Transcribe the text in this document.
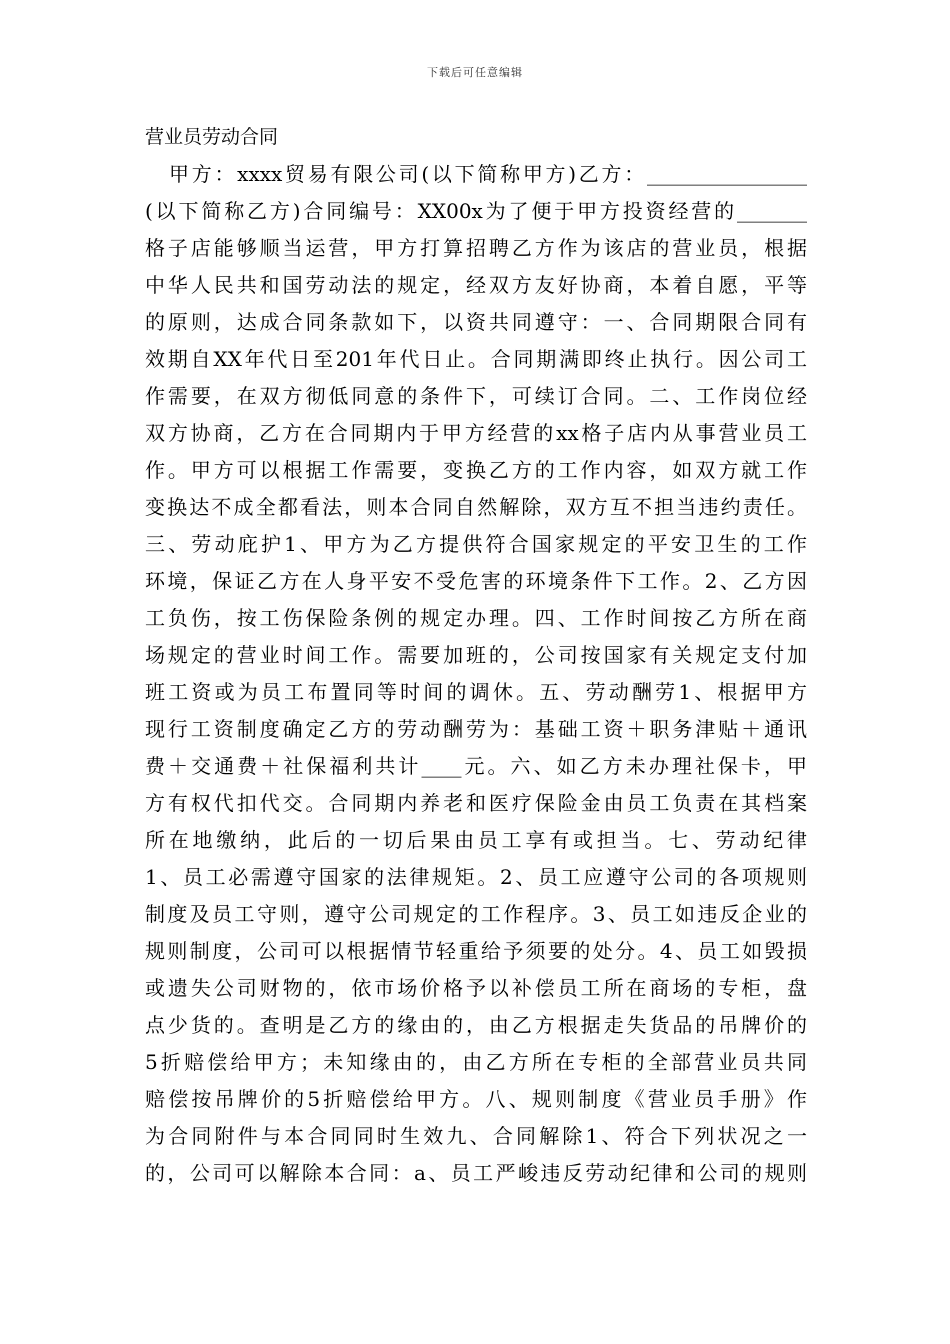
下载后可任意编辑
营业员劳动合同
甲方：xxxx贸易有限公司(以下简称甲方)乙方：________________
(以下简称乙方)合同编号：XX00x为了便于甲方投资经营的_______
格子店能够顺当运营，甲方打算招聘乙方作为该店的营业员，根据
中华人民共和国劳动法的规定，经双方友好协商，本着自愿，平等
的原则，达成合同条款如下，以资共同遵守：一、合同期限合同有
效期自XX年代日至201年代日止。合同期满即终止执行。因公司工
作需要，在双方彻低同意的条件下，可续订合同。二、工作岗位经
双方协商，乙方在合同期内于甲方经营的xx格子店内从事营业员工
作。甲方可以根据工作需要，变换乙方的工作内容，如双方就工作
变换达不成全都看法，则本合同自然解除，双方互不担当违约责任。
三、劳动庇护1、甲方为乙方提供符合国家规定的平安卫生的工作
环境，保证乙方在人身平安不受危害的环境条件下工作。2、乙方因
工负伤，按工伤保险条例的规定办理。四、工作时间按乙方所在商
场规定的营业时间工作。需要加班的，公司按国家有关规定支付加
班工资或为员工布置同等时间的调休。五、劳动酬劳1、根据甲方
现行工资制度确定乙方的劳动酬劳为：基础工资＋职务津贴＋通讯
费＋交通费＋社保福利共计____元。六、如乙方未办理社保卡，甲
方有权代扣代交。合同期内养老和医疗保险金由员工负责在其档案
所在地缴纳，此后的一切后果由员工享有或担当。七、劳动纪律
1、员工必需遵守国家的法律规矩。2、员工应遵守公司的各项规则
制度及员工守则，遵守公司规定的工作程序。3、员工如违反企业的
规则制度，公司可以根据情节轻重给予须要的处分。4、员工如毁损
或遗失公司财物的，依市场价格予以补偿员工所在商场的专柜，盘
点少货的。查明是乙方的缘由的，由乙方根据走失货品的吊牌价的
5折赔偿给甲方；未知缘由的，由乙方所在专柜的全部营业员共同
赔偿按吊牌价的5折赔偿给甲方。八、规则制度《营业员手册》作
为合同附件与本合同同时生效九、合同解除1、符合下列状况之一
的，公司可以解除本合同：a、员工严峻违反劳动纪律和公司的规则
